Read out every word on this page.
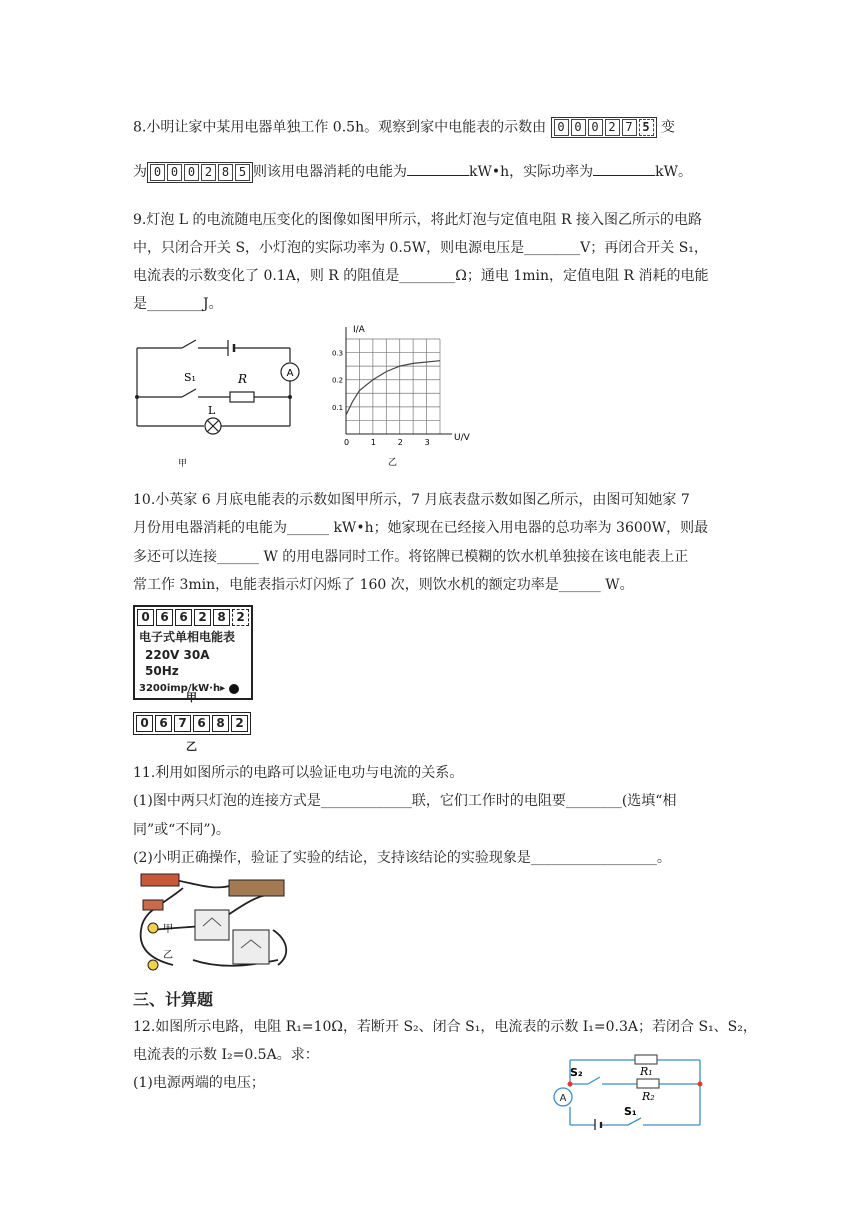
8.小明让家中某用电器单独工作 0.5h。观察到家中电能表的示数由 0 0 0 2 7 5 变
为 0 0 0 2 8 5 则该用电器消耗的电能为	kW•h，实际功率为	kW。
9.灯泡 L 的电流随电压变化的图像如图甲所示，将此灯泡与定值电阻 R 接入图乙所示的电路
中，只闭合开关 S，小灯泡的实际功率为 0.5W，则电源电压是________V；再闭合开关 S₁，
电流表的示数变化了 0.1A，则 R 的阻值是________Ω；通电 1min，定值电阻 R 消耗的电能
是________J。
A
S₁	R
L
甲
0	1	2	3
0.3
0.2
0.1
I/A
U/V
乙
10.小英家 6 月底电能表的示数如图甲所示，7 月底表盘示数如图乙所示，由图可知她家 7
月份用电器消耗的电能为______ kW•h；她家现在已经接入用电器的总功率为 3600W，则最
多还可以连接______ W 的用电器同时工作。将铭牌已模糊的饮水机单独接在该电能表上正
常工作 3min，电能表指示灯闪烁了 160 次，则饮水机的额定功率是______ W。
0 6 6 2 8 2
电子式单相电能表
220V 30A 50Hz
3200imp/kW·h▸
甲
0 6 7 6 8 2
乙
11.利用如图所示的电路可以验证电功与电流的关系。
(1)图中两只灯泡的连接方式是_____________联，它们工作时的电阻要________(选填“相
同”或“不同”)。
(2)小明正确操作，验证了实验的结论，支持该结论的实验现象是__________________。
甲
乙
三、计算题
12.如图所示电路，电阻 R₁=10Ω，若断开 S₂、闭合 S₁，电流表的示数 I₁=0.3A；若闭合 S₁、S₂，
电流表的示数 I₂=0.5A。求：
(1)电源两端的电压；
A
S₂	R₁
R₂
S₁
